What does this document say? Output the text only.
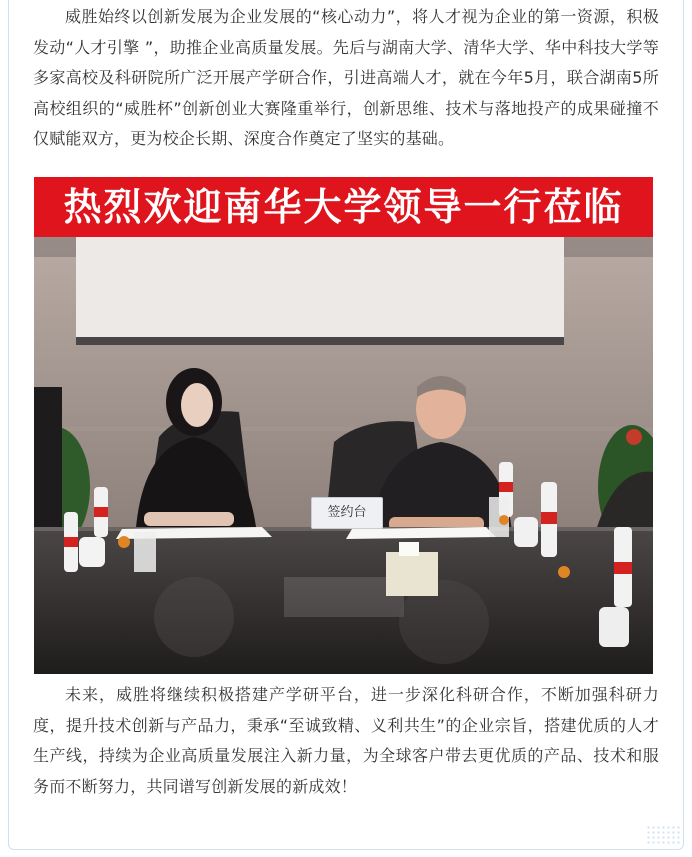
威胜始终以创新发展为企业发展的“核心动力”，将人才视为企业的第一资源，积极发动“人才引擎 ”，助推企业高质量发展。先后与湖南大学、清华大学、华中科技大学等多家高校及科研院所广泛开展产学研合作，引进高端人才，就在今年5月，联合湖南5所高校组织的“威胜杯”创新创业大赛隆重举行，创新思维、技术与落地投产的成果碰撞不仅赋能双方，更为校企长期、深度合作奠定了坚实的基础。

热烈欢迎南华大学领导一行莅临
签约台

未来，威胜将继续积极搭建产学研平台，进一步深化科研合作，不断加强科研力度，提升技术创新与产品力，秉承“至诚致精、义利共生”的企业宗旨，搭建优质的人才生产线，持续为企业高质量发展注入新力量，为全球客户带去更优质的产品、技术和服务而不断努力，共同谱写创新发展的新成效！
